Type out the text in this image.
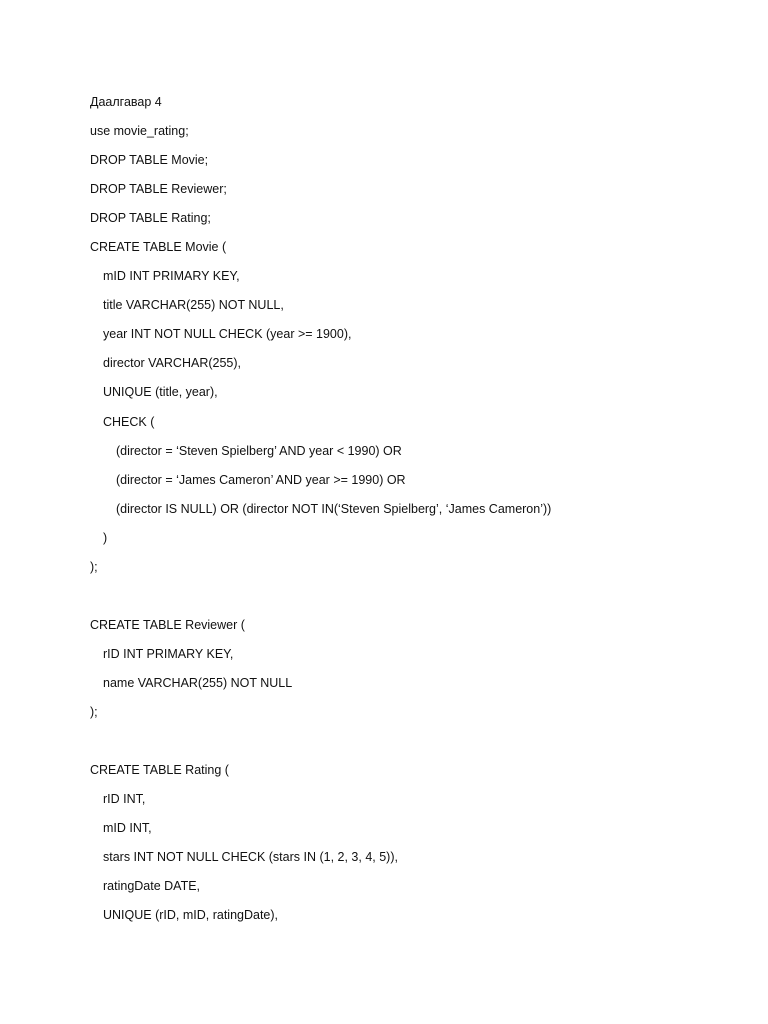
Даалгавар 4
use movie_rating;
DROP TABLE Movie;
DROP TABLE Reviewer;
DROP TABLE Rating;
CREATE TABLE Movie (
mID INT PRIMARY KEY,
title VARCHAR(255) NOT NULL,
year INT NOT NULL CHECK (year >= 1900),
director VARCHAR(255),
UNIQUE (title, year),
CHECK (
(director = ‘Steven Spielberg’ AND year < 1990) OR
(director = ‘James Cameron’ AND year >= 1990) OR
(director IS NULL) OR (director NOT IN(‘Steven Spielberg’, ‘James Cameron’))
)
);
CREATE TABLE Reviewer (
rID INT PRIMARY KEY,
name VARCHAR(255) NOT NULL
);
CREATE TABLE Rating (
rID INT,
mID INT,
stars INT NOT NULL CHECK (stars IN (1, 2, 3, 4, 5)),
ratingDate DATE,
UNIQUE (rID, mID, ratingDate),
